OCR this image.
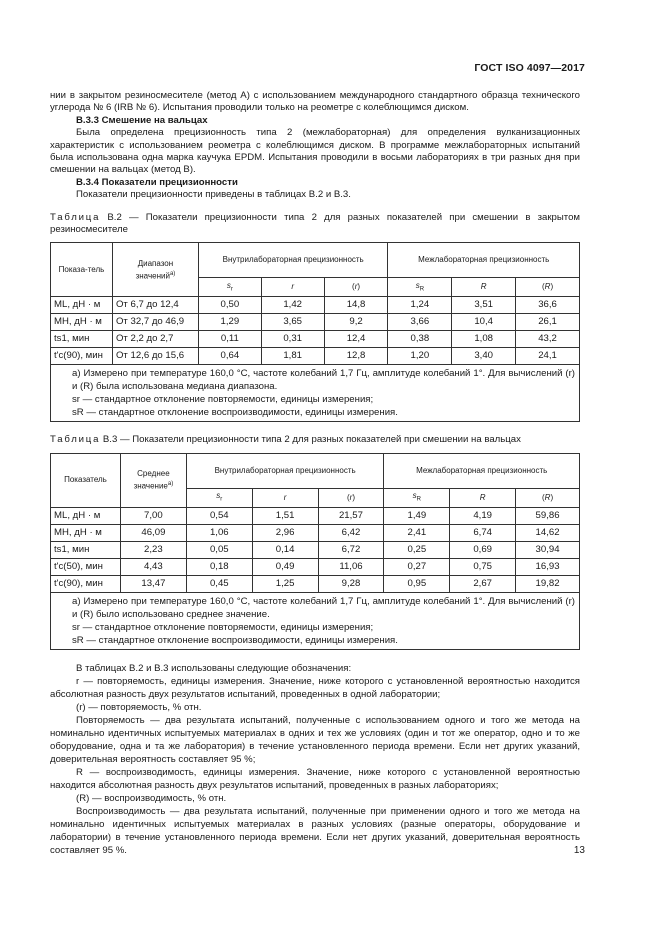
ГОСТ ISO 4097—2017

нии в закрытом резиносмесителе (метод А) с использованием международного стандартного образца технического углерода № 6 (IRB № 6). Испытания проводили только на реометре с колеблющимся диском.

B.3.3 Смешение на вальцах

Была определена прецизионность типа 2 (межлабораторная) для определения вулканизационных характеристик с использованием реометра с колеблющимся диском. В программе межлабораторных испытаний была использована одна марка каучука EPDM. Испытания проводили в восьми лабораториях в три разных дня при смешении на вальцах (метод В).

B.3.4 Показатели прецизионности

Показатели прецизионности приведены в таблицах B.2 и B.3.

Таблица B.2 — Показатели прецизионности типа 2 для разных показателей при смешении в закрытом резиносмесителе

Показа-тель	Диапазон значений$^{a)}$	Внутрилабораторная прецизионность			Межлабораторная прецизионность		
		$s_r$	r	(r)	$s_R$	R	(R)
ML, дН · м	От 6,7 до 12,4	0,50	1,42	14,8	1,24	3,51	36,6
MH, дН · м	От 32,7 до 46,9	1,29	3,65	9,2	3,66	10,4	26,1
ts1, мин	От 2,2 до 2,7	0,11	0,31	12,4	0,38	1,08	43,2
t'c(90), мин	От 12,6 до 15,6	0,64	1,81	12,8	1,20	3,40	24,1

a) Измерено при температуре 160,0 °С, частоте колебаний 1,7 Гц, амплитуде колебаний 1°. Для вычислений (r) и (R) была использована медиана диапазона.
sr — стандартное отклонение повторяемости, единицы измерения;
sR — стандартное отклонение воспроизводимости, единицы измерения.							

Таблица B.3 — Показатели прецизионности типа 2 для разных показателей при смешении на вальцах

Показатель	Среднее значение$^{a)}$	Внутрилабораторная прецизионность			Межлабораторная прецизионность		
		$s_r$	r	(r)	$s_R$	R	(R)
ML, дН · м	7,00	0,54	1,51	21,57	1,49	4,19	59,86
MH, дН · м	46,09	1,06	2,96	6,42	2,41	6,74	14,62
ts1, мин	2,23	0,05	0,14	6,72	0,25	0,69	30,94
t'c(50), мин	4,43	0,18	0,49	11,06	0,27	0,75	16,93
t'c(90), мин	13,47	0,45	1,25	9,28	0,95	2,67	19,82

a) Измерено при температуре 160,0 °С, частоте колебаний 1,7 Гц, амплитуде колебаний 1°. Для вычислений (r) и (R) было использовано среднее значение.
sr — стандартное отклонение повторяемости, единицы измерения;
sR — стандартное отклонение воспроизводимости, единицы измерения.							

В таблицах B.2 и B.3 использованы следующие обозначения:

r — повторяемость, единицы измерения. Значение, ниже которого с установленной вероятностью находится абсолютная разность двух результатов испытаний, проведенных в одной лаборатории;

(r) — повторяемость, % отн.

Повторяемость — два результата испытаний, полученные с использованием одного и того же метода на номинально идентичных испытуемых материалах в одних и тех же условиях (один и тот же оператор, одно и то же оборудование, одна и та же лаборатория) в течение установленного периода времени. Если нет других указаний, доверительная вероятность составляет 95 %;

R — воспроизводимость, единицы измерения. Значение, ниже которого с установленной вероятностью находится абсолютная разность двух результатов испытаний, проведенных в разных лабораториях;

(R) — воспроизводимость, % отн.

Воспроизводимость — два результата испытаний, полученные при применении одного и того же метода на номинально идентичных испытуемых материалах в разных условиях (разные операторы, оборудование и лаборатории) в течение установленного периода времени. Если нет других указаний, доверительная вероятность составляет 95 %.	13
